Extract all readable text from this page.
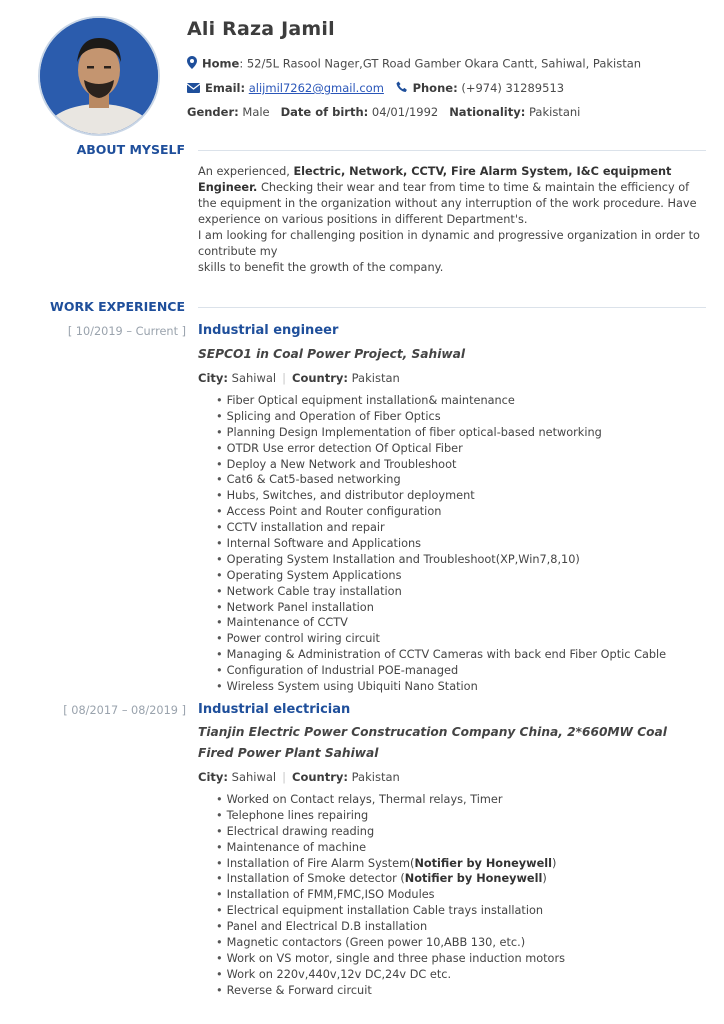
Ali Raza Jamil
Home: 52/5L Rasool Nager,GT Road Gamber Okara Cantt, Sahiwal, Pakistan
Email: alijmil7262@gmail.com Phone: (+974) 31289513
Gender: Male Date of birth: 04/01/1992 Nationality: Pakistani
ABOUT MYSELF
An experienced, Electric, Network, CCTV, Fire Alarm System, I&C equipment Engineer. Checking their wear and tear from time to time & maintain the efficiency of the equipment in the organization without any interruption of the work procedure. Have experience on various positions in different Department's.
I am looking for challenging position in dynamic and progressive organization in order to contribute my
skills to benefit the growth of the company.
WORK EXPERIENCE
[ 10/2019 – Current ] Industrial engineer
SEPCO1 in Coal Power Project, Sahiwal
City: Sahiwal | Country: Pakistan
• Fiber Optical equipment installation& maintenance
• Splicing and Operation of Fiber Optics
• Planning Design Implementation of fiber optical-based networking
• OTDR Use error detection Of Optical Fiber
• Deploy a New Network and Troubleshoot
• Cat6 & Cat5-based networking
• Hubs, Switches, and distributor deployment
• Access Point and Router configuration
• CCTV installation and repair
• Internal Software and Applications
• Operating System Installation and Troubleshoot(XP,Win7,8,10)
• Operating System Applications
• Network Cable tray installation
• Network Panel installation
• Maintenance of CCTV
• Power control wiring circuit
• Managing & Administration of CCTV Cameras with back end Fiber Optic Cable
• Configuration of Industrial POE-managed
• Wireless System using Ubiquiti Nano Station
[ 08/2017 – 08/2019 ] Industrial electrician
Tianjin Electric Power Construcation Company China, 2*660MW Coal Fired Power Plant Sahiwal
City: Sahiwal | Country: Pakistan
• Worked on Contact relays, Thermal relays, Timer
• Telephone lines repairing
• Electrical drawing reading
• Maintenance of machine
• Installation of Fire Alarm System(Notifier by Honeywell)
• Installation of Smoke detector (Notifier by Honeywell)
• Installation of FMM,FMC,ISO Modules
• Electrical equipment installation Cable trays installation
• Panel and Electrical D.B installation
• Magnetic contactors (Green power 10,ABB 130, etc.)
• Work on VS motor, single and three phase induction motors
• Work on 220v,440v,12v DC,24v DC etc.
• Reverse & Forward circuit
